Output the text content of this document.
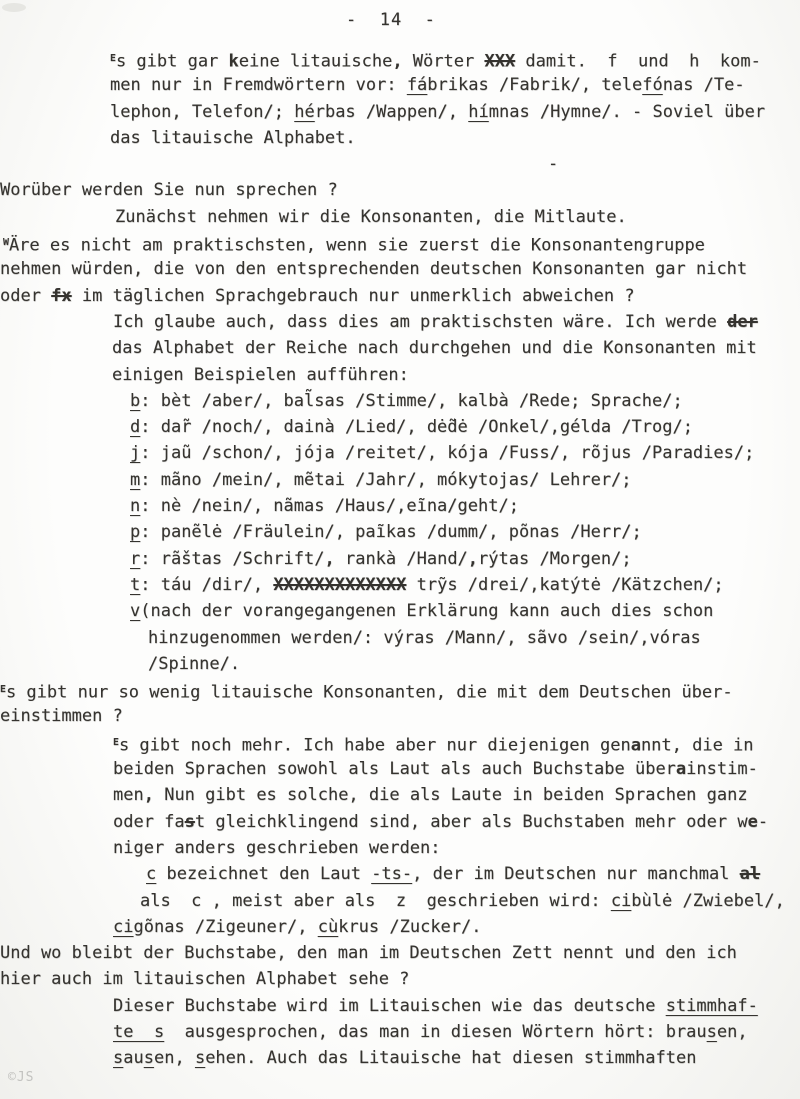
-  14  -
$^E$s gibt gar keine litauische, Wörter XXX damit.  f  und  h  kom-
men nur in Fremdwörtern vor: fábrikas /Fabrik/, telefónas /Te-
lephon, Telefon/; hérbas /Wappen/, hímnas /Hymne/. - Soviel über
das litauische Alphabet.
-
Worüber werden Sie nun sprechen ?
Zunächst nehmen wir die Konsonanten, die Mitlaute.
$^W$Äre es nicht am praktischsten, wenn sie zuerst die Konsonantengruppe
nehmen würden, die von den entsprechenden deutschen Konsonanten gar nicht
oder fx im täglichen Sprachgebrauch nur unmerklich abweichen ?
Ich glaube auch, dass dies am praktischsten wäre. Ich werde der
das Alphabet der Reiche nach durchgehen und die Konsonanten mit
einigen Beispielen aufführen:
b: bèt /aber/, bal̃sas /Stimme/, kalbà /Rede; Sprache/;
d: dar̃ /noch/, dainà /Lied/, dė̃dė /Onkel/,gélda /Trog/;
j: jaũ /schon/, jója /reitet/, kója /Fuss/, rõjus /Paradies/;
m: mãno /mein/, mẽtai /Jahr/, mókytojas/ Lehrer/;
n: nè /nein/, nãmas /Haus/,eĩna/geht/;
p: panẽlė /Fräulein/, paĩkas /dumm/, põnas /Herr/;
r: rãštas /Schrift/, rankà /Hand/,rýtas /Morgen/;
t: táu /dir/, XXXXXXXXXXXXX trỹs /drei/,katýtė /Kätzchen/;
v(nach der vorangegangenen Erklärung kann auch dies schon
hinzugenommen werden/: výras /Mann/, sãvo /sein/,vóras
/Spinne/.
$^E$s gibt nur so wenig litauische Konsonanten, die mit dem Deutschen über-
einstimmen ?
$^E$s gibt noch mehr. Ich habe aber nur diejenigen genannt, die in
beiden Sprachen sowohl als Laut als auch Buchstabe überainstim-
men, Nun gibt es solche, die als Laute in beiden Sprachen ganz
oder fast gleichklingend sind, aber als Buchstaben mehr oder we-
niger anders geschrieben werden:
c bezeichnet den Laut -ts-, der im Deutschen nur manchmal al
als  c , meist aber als  z  geschrieben wird: cibùlė /Zwiebel/,
cigõnas /Zigeuner/, cùkrus /Zucker/.
Und wo bleibt der Buchstabe, den man im Deutschen Zett nennt und den ich
hier auch im litauischen Alphabet sehe ?
Dieser Buchstabe wird im Litauischen wie das deutsche stimmhaf-
te  s  ausgesprochen, das man in diesen Wörtern hört: brausen,
sausen, sehen. Auch das Litauische hat diesen stimmhaften
©JS
